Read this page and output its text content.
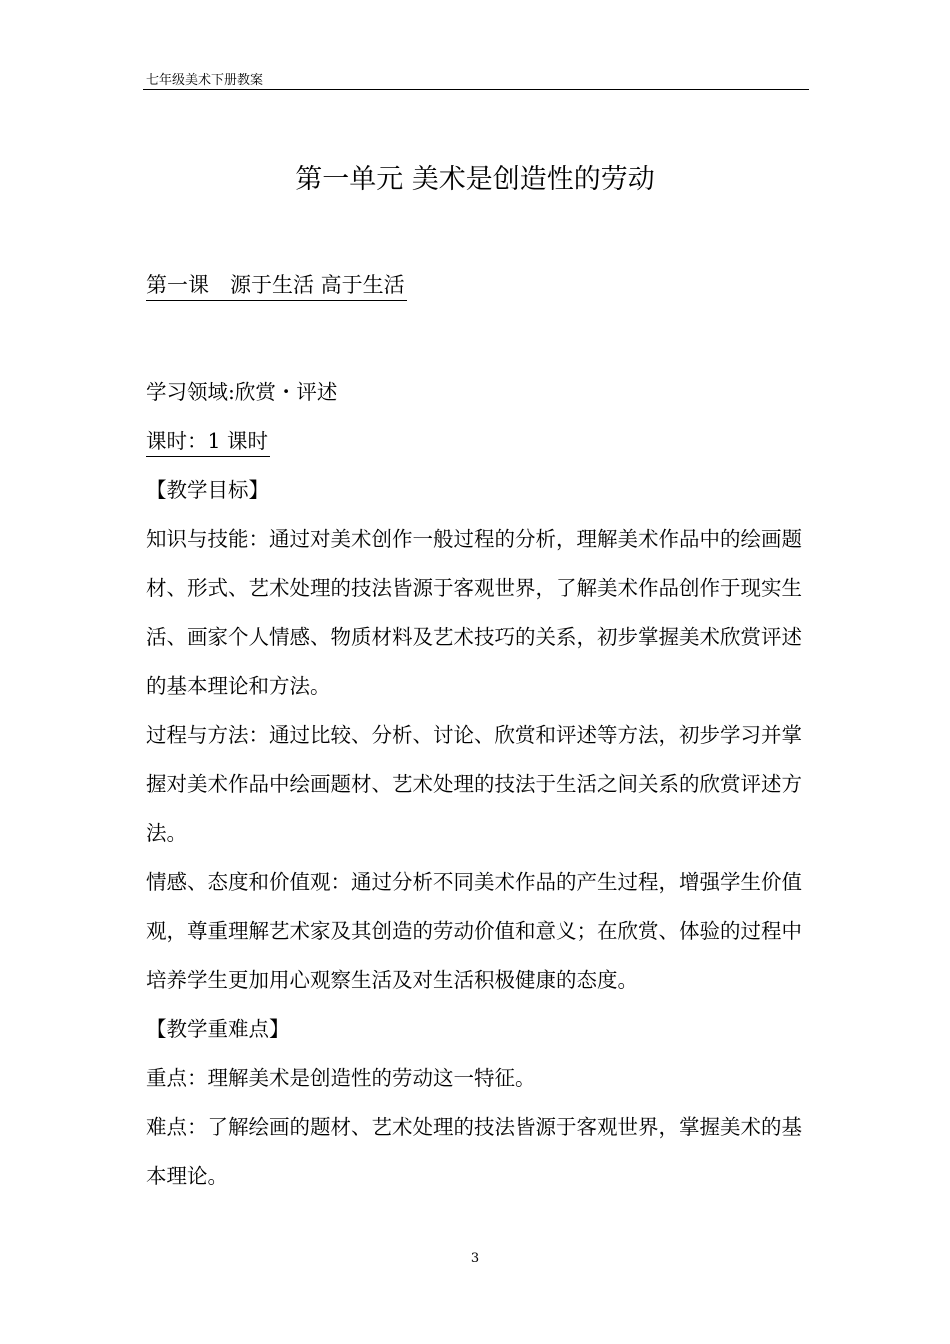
七年级美术下册教案
第一单元 美术是创造性的劳动
第一课　源于生活 高于生活

学习领域:欣赏・评述

课时：1 课时

【教学目标】

知识与技能：通过对美术创作一般过程的分析，理解美术作品中的绘画题材、形式、艺术处理的技法皆源于客观世界，了解美术作品创作于现实生活、画家个人情感、物质材料及艺术技巧的关系，初步掌握美术欣赏评述的基本理论和方法。

过程与方法：通过比较、分析、讨论、欣赏和评述等方法，初步学习并掌握对美术作品中绘画题材、艺术处理的技法于生活之间关系的欣赏评述方法。

情感、态度和价值观：通过分析不同美术作品的产生过程，增强学生价值观，尊重理解艺术家及其创造的劳动价值和意义；在欣赏、体验的过程中培养学生更加用心观察生活及对生活积极健康的态度。

【教学重难点】

重点：理解美术是创造性的劳动这一特征。

难点：了解绘画的题材、艺术处理的技法皆源于客观世界，掌握美术的基本理论。

3
